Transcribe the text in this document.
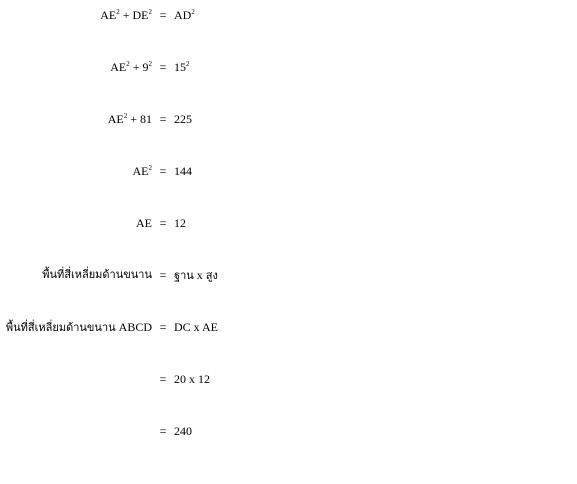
$AE^2 + DE^2 = AD^2$
$AE^2 + 9^2 = 15^2$
$AE^2 + 81 = 225$
$AE^2 = 144$
AE = 12
พื้นที่สี่เหลี่ยมด้านขนาน = ฐาน x สูง
พื้นที่สี่เหลี่ยมด้านขนาน ABCD = DC x AE
= 20 x 12
= 240
